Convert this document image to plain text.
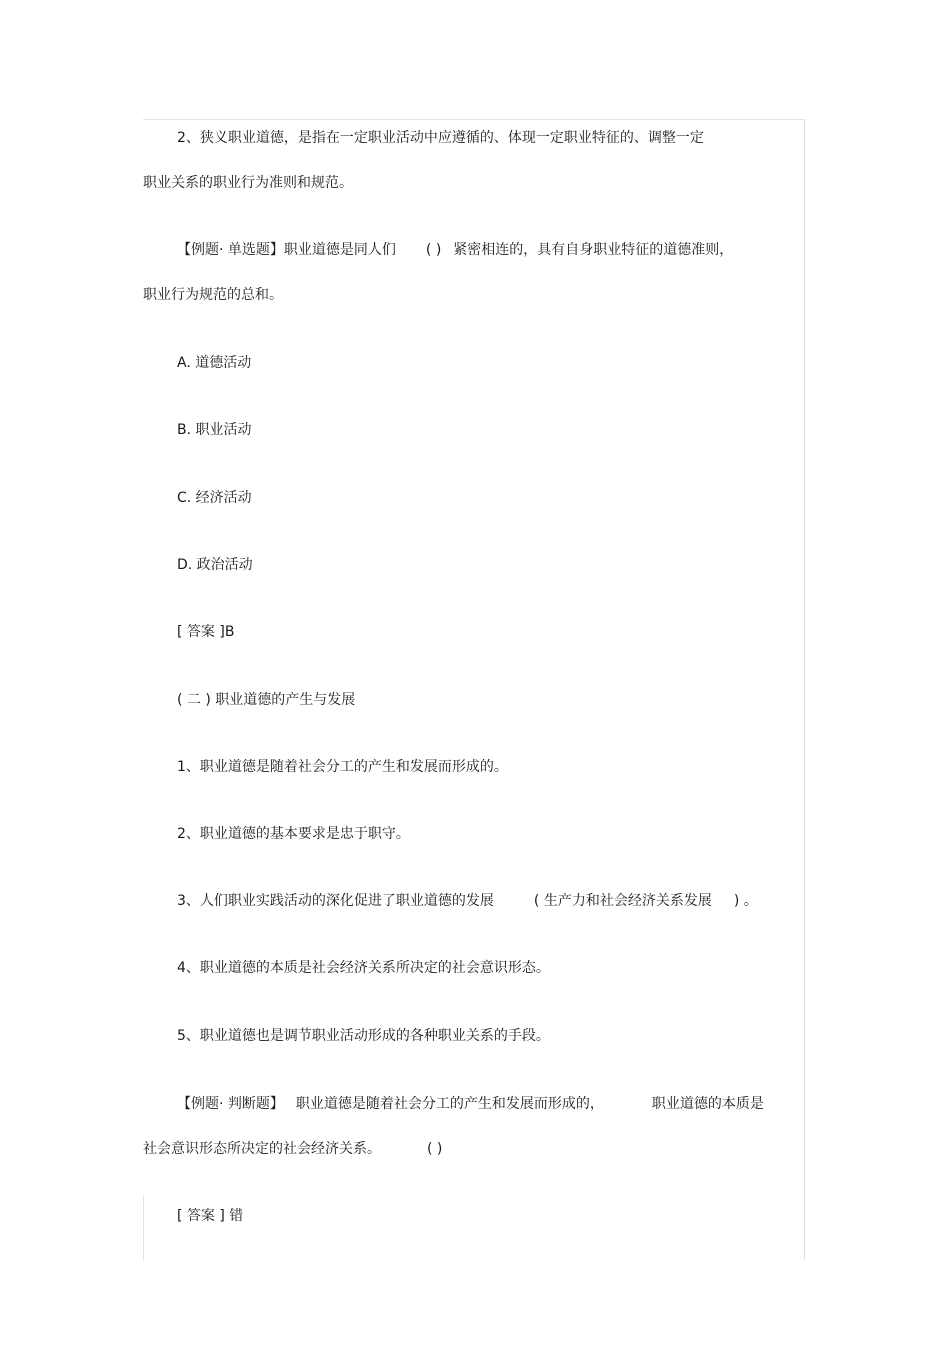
2、狭义职业道德，是指在一定职业活动中应遵循的、体现一定职业特征的、调整一定
职业关系的职业行为准则和规范。
【例题· 单选题】职业道德是同人们 ( ) 紧密相连的，具有自身职业特征的道德准则，
职业行为规范的总和。
A. 道德活动
B. 职业活动
C. 经济活动
D. 政治活动
[ 答案 ]B
( 二 ) 职业道德的产生与发展
1、职业道德是随着社会分工的产生和发展而形成的。
2、职业道德的基本要求是忠于职守。
3、人们职业实践活动的深化促进了职业道德的发展	( 生产力和社会经济关系发展 ) 。
4、职业道德的本质是社会经济关系所决定的社会意识形态。
5、职业道德也是调节职业活动形成的各种职业关系的手段。
【例题· 判断题】 职业道德是随着社会分工的产生和发展而形成的，	职业道德的本质是
社会意识形态所决定的社会经济关系。	( )
[ 答案 ] 错
